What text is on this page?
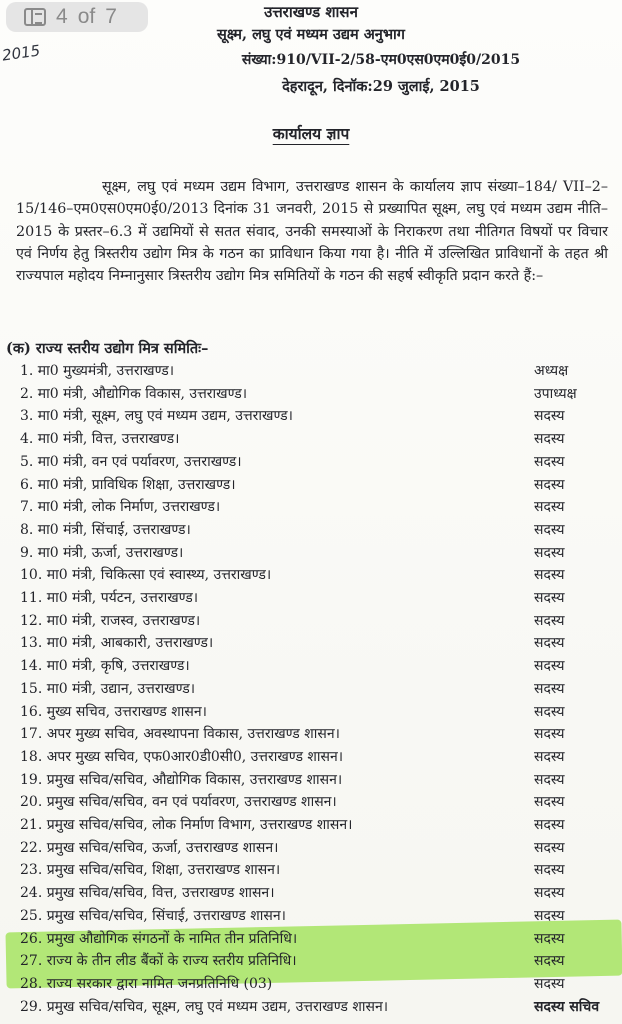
4 of 7
2015
उत्तराखण्ड शासन
सूक्ष्म, लघु एवं मध्यम उद्यम अनुभाग
संख्या:910/VII-2/58-एम0एस0एम0ई0/2015
देहरादून, दिनॉक:29 जुलाई, 2015
कार्यालय ज्ञाप
सूक्ष्म, लघु एवं मध्यम उद्यम विभाग, उत्तराखण्ड शासन के कार्यालय ज्ञाप संख्या–184/ VII–2–15/146–एम0एस0एम0ई0/2013 दिनांक 31 जनवरी, 2015 से प्रख्यापित सूक्ष्म, लघु एवं मध्यम उद्यम नीति–2015 के प्रस्तर–6.3 में उद्यमियों से सतत संवाद, उनकी समस्याओं के निराकरण तथा नीतिगत विषयों पर विचार एवं निर्णय हेतु त्रिस्तरीय उद्योग मित्र के गठन का प्राविधान किया गया है। नीति में उल्लिखित प्राविधानों के तहत श्री राज्यपाल महोदय निम्नानुसार त्रिस्तरीय उद्योग मित्र समितियों के गठन की सहर्ष स्वीकृति प्रदान करते हैं:–
(क) राज्य स्तरीय उद्योग मित्र समितिः–
1. मा0 मुख्यमंत्री, उत्तराखण्ड।	अध्यक्ष
2. मा0 मंत्री, औद्योगिक विकास, उत्तराखण्ड।	उपाध्यक्ष
3. मा0 मंत्री, सूक्ष्म, लघु एवं मध्यम उद्यम, उत्तराखण्ड।	सदस्य
4. मा0 मंत्री, वित्त, उत्तराखण्ड।	सदस्य
5. मा0 मंत्री, वन एवं पर्यावरण, उत्तराखण्ड।	सदस्य
6. मा0 मंत्री, प्राविधिक शिक्षा, उत्तराखण्ड।	सदस्य
7. मा0 मंत्री, लोक निर्माण, उत्तराखण्ड।	सदस्य
8. मा0 मंत्री, सिंचाई, उत्तराखण्ड।	सदस्य
9. मा0 मंत्री, ऊर्जा, उत्तराखण्ड।	सदस्य
10. मा0 मंत्री, चिकित्सा एवं स्वास्थ्य, उत्तराखण्ड।	सदस्य
11. मा0 मंत्री, पर्यटन, उत्तराखण्ड।	सदस्य
12. मा0 मंत्री, राजस्व, उत्तराखण्ड।	सदस्य
13. मा0 मंत्री, आबकारी, उत्तराखण्ड।	सदस्य
14. मा0 मंत्री, कृषि, उत्तराखण्ड।	सदस्य
15. मा0 मंत्री, उद्यान, उत्तराखण्ड।	सदस्य
16. मुख्य सचिव, उत्तराखण्ड शासन।	सदस्य
17. अपर मुख्य सचिव, अवस्थापना विकास, उत्तराखण्ड शासन।	सदस्य
18. अपर मुख्य सचिव, एफ0आर0डी0सी0, उत्तराखण्ड शासन।	सदस्य
19. प्रमुख सचिव/सचिव, औद्योगिक विकास, उत्तराखण्ड शासन।	सदस्य
20. प्रमुख सचिव/सचिव, वन एवं पर्यावरण, उत्तराखण्ड शासन।	सदस्य
21. प्रमुख सचिव/सचिव, लोक निर्माण विभाग, उत्तराखण्ड शासन।	सदस्य
22. प्रमुख सचिव/सचिव, ऊर्जा, उत्तराखण्ड शासन।	सदस्य
23. प्रमुख सचिव/सचिव, शिक्षा, उत्तराखण्ड शासन।	सदस्य
24. प्रमुख सचिव/सचिव, वित्त, उत्तराखण्ड शासन।	सदस्य
25. प्रमुख सचिव/सचिव, सिंचाई, उत्तराखण्ड शासन।	सदस्य
26. प्रमुख औद्योगिक संगठनों के नामित तीन प्रतिनिधि।	सदस्य
27. राज्य के तीन लीड बैंकों के राज्य स्तरीय प्रतिनिधि।	सदस्य
28. राज्य सरकार द्वारा नामित जनप्रतिनिधि (03)	सदस्य
29. प्रमुख सचिव/सचिव, सूक्ष्म, लघु एवं मध्यम उद्यम, उत्तराखण्ड शासन।	सदस्य सचिव
